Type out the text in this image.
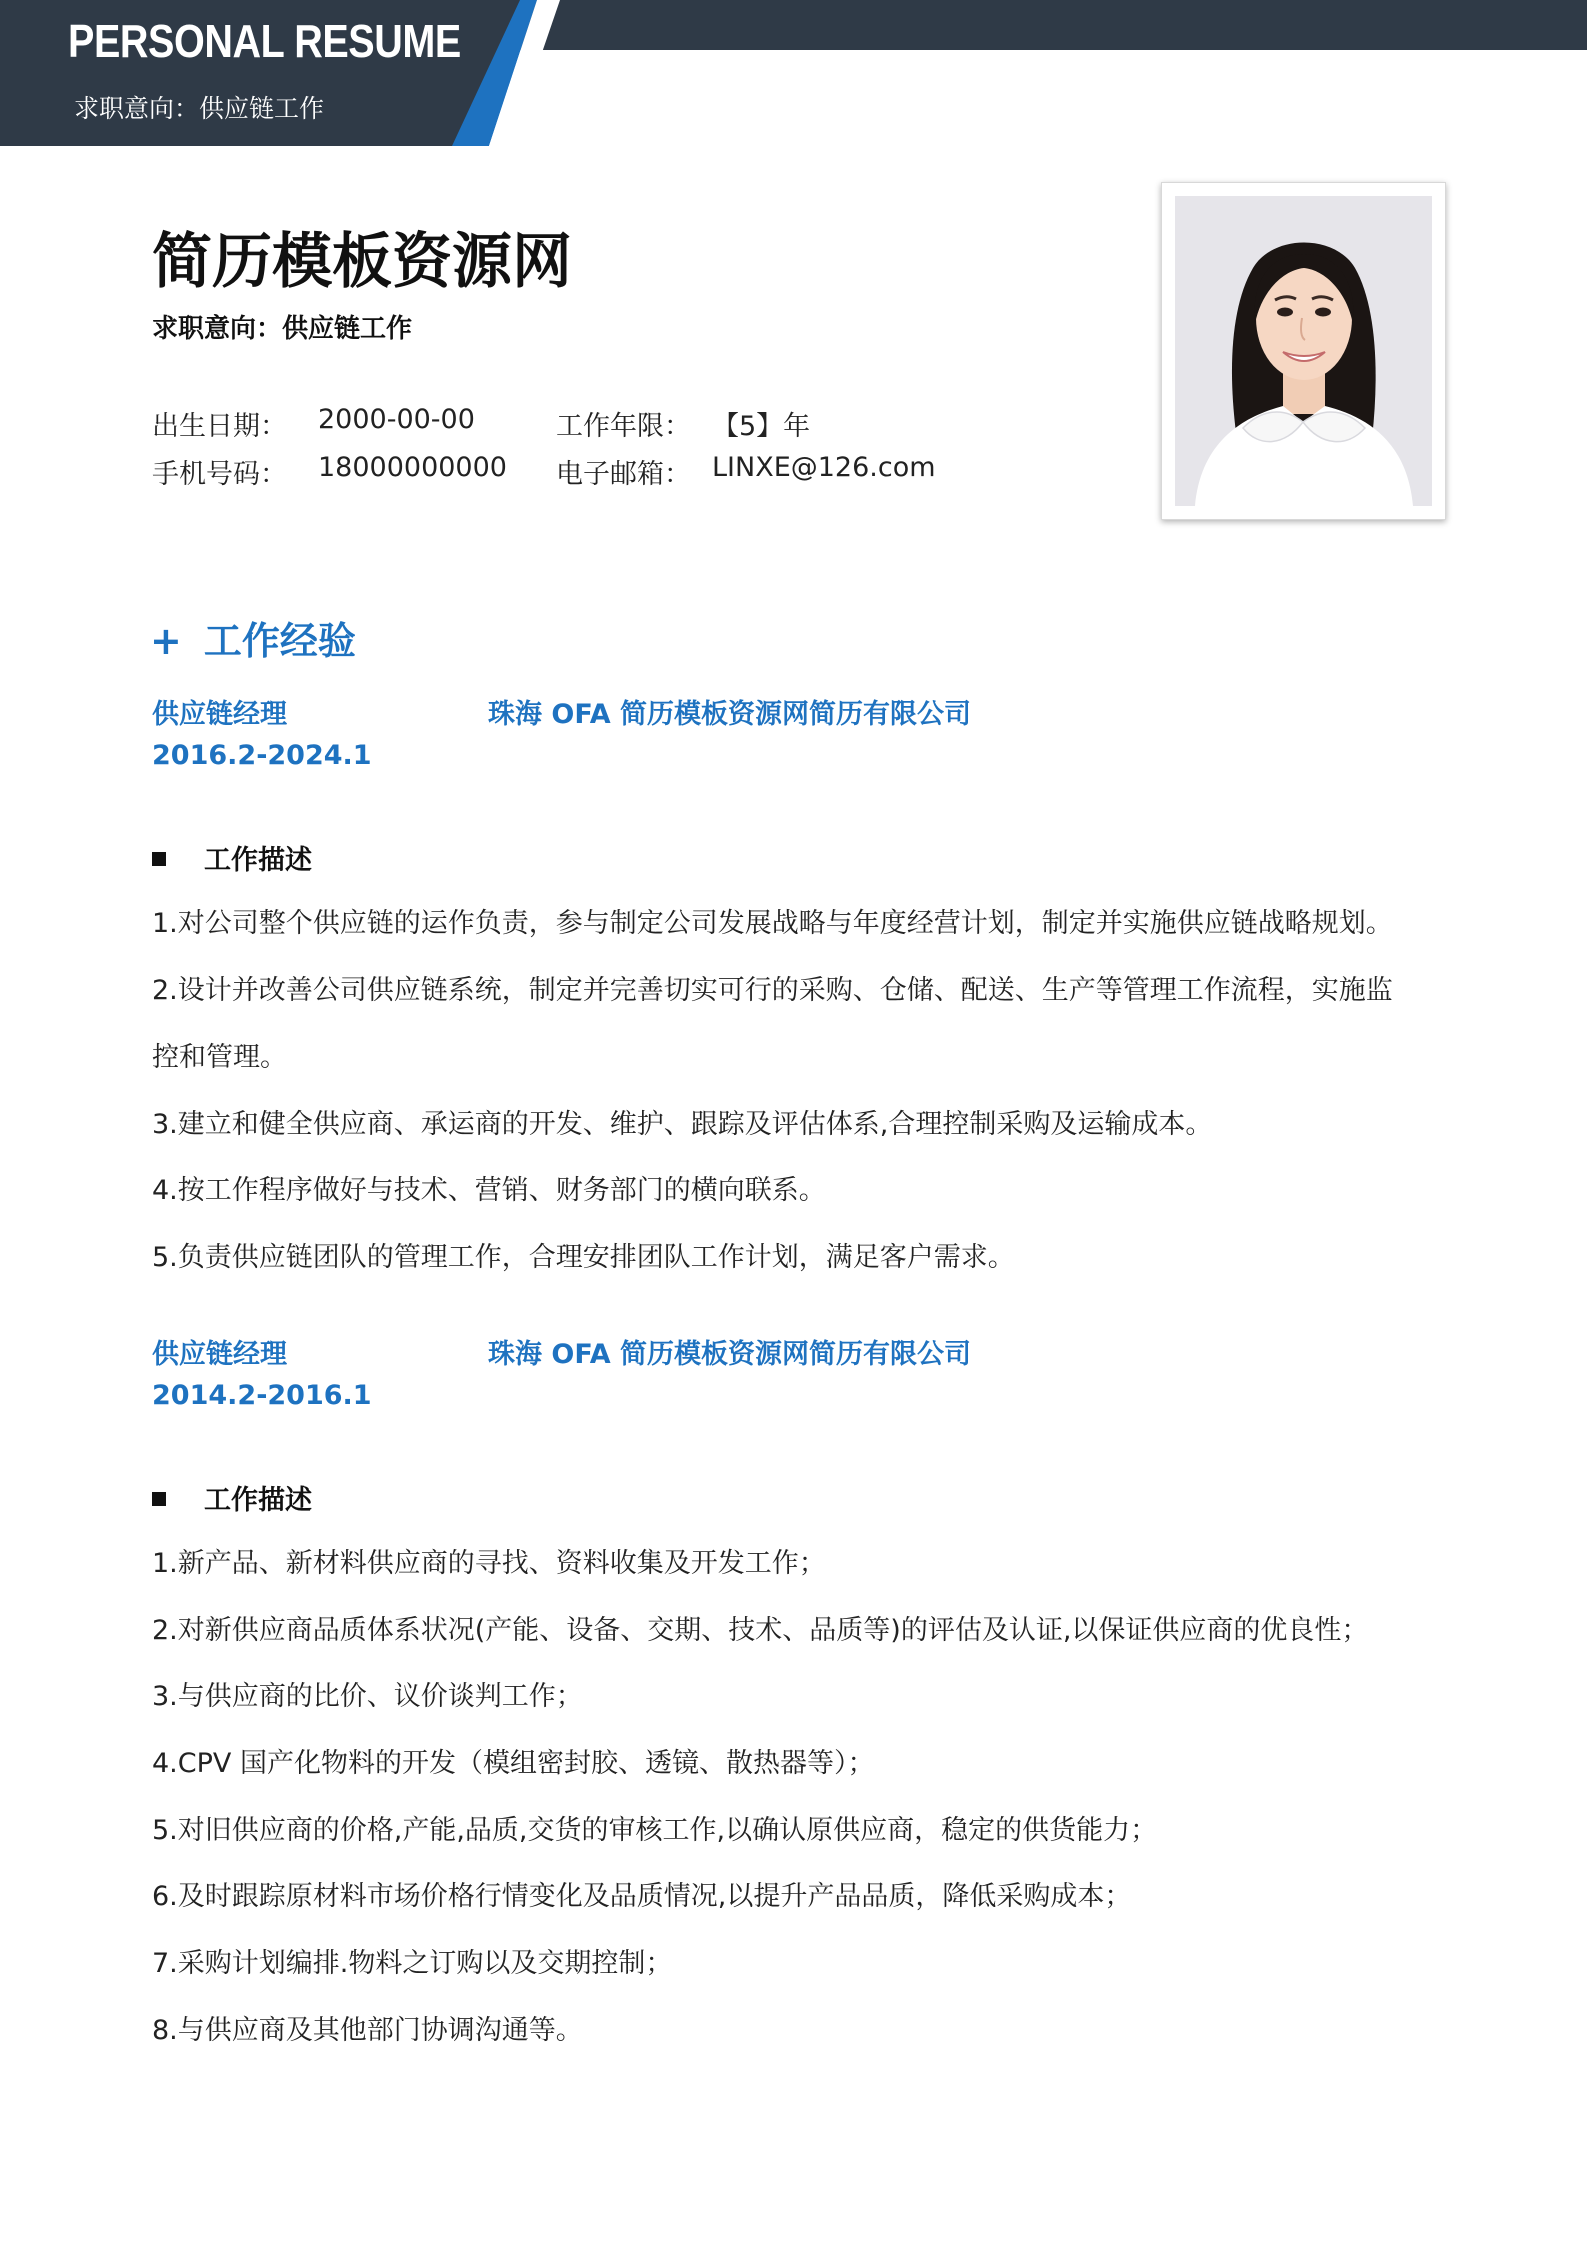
PERSONAL RESUME
求职意向：供应链工作
简历模板资源网
求职意向：供应链工作
出生日期： 2000-00-00	工作年限： 【5】年
手机号码： 18000000000 电子邮箱： LINXE@126.com
+ 工作经验
供应链经理	珠海 OFA 简历模板资源网简历有限公司
2016.2-2024.1
工作描述
1.对公司整个供应链的运作负责，参与制定公司发展战略与年度经营计划，制定并实施供应链战略规划。
2.设计并改善公司供应链系统，制定并完善切实可行的采购、仓储、配送、生产等管理工作流程，实施监
控和管理。
3.建立和健全供应商、承运商的开发、维护、跟踪及评估体系,合理控制采购及运输成本。
4.按工作程序做好与技术、营销、财务部门的横向联系。
5.负责供应链团队的管理工作，合理安排团队工作计划，满足客户需求。
供应链经理	珠海 OFA 简历模板资源网简历有限公司
2014.2-2016.1
工作描述
1.新产品、新材料供应商的寻找、资料收集及开发工作；
2.对新供应商品质体系状况(产能、设备、交期、技术、品质等)的评估及认证,以保证供应商的优良性；
3.与供应商的比价、议价谈判工作；
4.CPV 国产化物料的开发（模组密封胶、透镜、散热器等）；
5.对旧供应商的价格,产能,品质,交货的审核工作,以确认原供应商，稳定的供货能力；
6.及时跟踪原材料市场价格行情变化及品质情况,以提升产品品质，降低采购成本；
7.采购计划编排.物料之订购以及交期控制；
8.与供应商及其他部门协调沟通等。
